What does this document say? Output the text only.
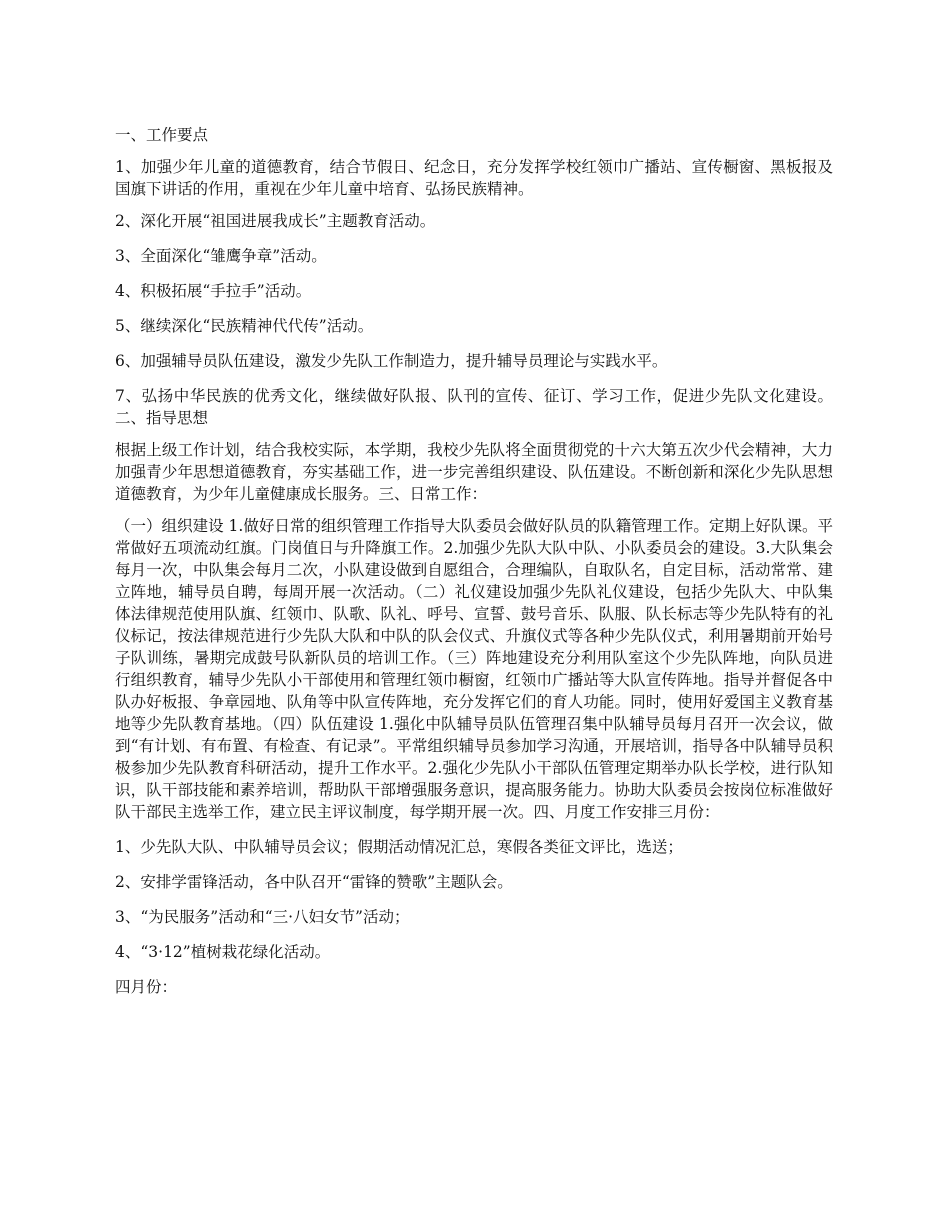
一、工作要点
1、加强少年儿童的道德教育，结合节假日、纪念日，充分发挥学校红领巾广播站、宣传橱窗、黑板报及国旗下讲话的作用，重视在少年儿童中培育、弘扬民族精神。
2、深化开展“祖国进展我成长”主题教育活动。
3、全面深化“雏鹰争章”活动。
4、积极拓展“手拉手”活动。
5、继续深化“民族精神代代传”活动。
6、加强辅导员队伍建设，激发少先队工作制造力，提升辅导员理论与实践水平。
7、弘扬中华民族的优秀文化，继续做好队报、队刊的宣传、征订、学习工作，促进少先队文化建设。二、指导思想
根据上级工作计划，结合我校实际，本学期，我校少先队将全面贯彻党的十六大第五次少代会精神，大力加强青少年思想道德教育，夯实基础工作，进一步完善组织建设、队伍建设。不断创新和深化少先队思想道德教育，为少年儿童健康成长服务。三、日常工作：
（一）组织建设 1.做好日常的组织管理工作指导大队委员会做好队员的队籍管理工作。定期上好队课。平常做好五项流动红旗。门岗值日与升降旗工作。2.加强少先队大队中队、小队委员会的建设。3.大队集会每月一次，中队集会每月二次，小队建设做到自愿组合，合理编队，自取队名，自定目标，活动常常、建立阵地，辅导员自聘，每周开展一次活动。（二）礼仪建设加强少先队礼仪建设，包括少先队大、中队集体法律规范使用队旗、红领巾、队歌、队礼、呼号、宣誓、鼓号音乐、队服、队长标志等少先队特有的礼仪标记，按法律规范进行少先队大队和中队的队会仪式、升旗仪式等各种少先队仪式，利用暑期前开始号子队训练，暑期完成鼓号队新队员的培训工作。（三）阵地建设充分利用队室这个少先队阵地，向队员进行组织教育，辅导少先队小干部使用和管理红领巾橱窗，红领巾广播站等大队宣传阵地。指导并督促各中队办好板报、争章园地、队角等中队宣传阵地，充分发挥它们的育人功能。同时，使用好爱国主义教育基地等少先队教育基地。（四）队伍建设 1.强化中队辅导员队伍管理召集中队辅导员每月召开一次会议，做到“有计划、有布置、有检查、有记录”。平常组织辅导员参加学习沟通，开展培训，指导各中队辅导员积极参加少先队教育科研活动，提升工作水平。2.强化少先队小干部队伍管理定期举办队长学校，进行队知识，队干部技能和素养培训，帮助队干部增强服务意识，提高服务能力。协助大队委员会按岗位标准做好队干部民主选举工作，建立民主评议制度，每学期开展一次。四、月度工作安排三月份：
1、少先队大队、中队辅导员会议；假期活动情况汇总，寒假各类征文评比，选送；
2、安排学雷锋活动，各中队召开“雷锋的赞歌”主题队会。
3、“为民服务”活动和“三·八妇女节”活动；
4、“3·12”植树栽花绿化活动。
四月份：
